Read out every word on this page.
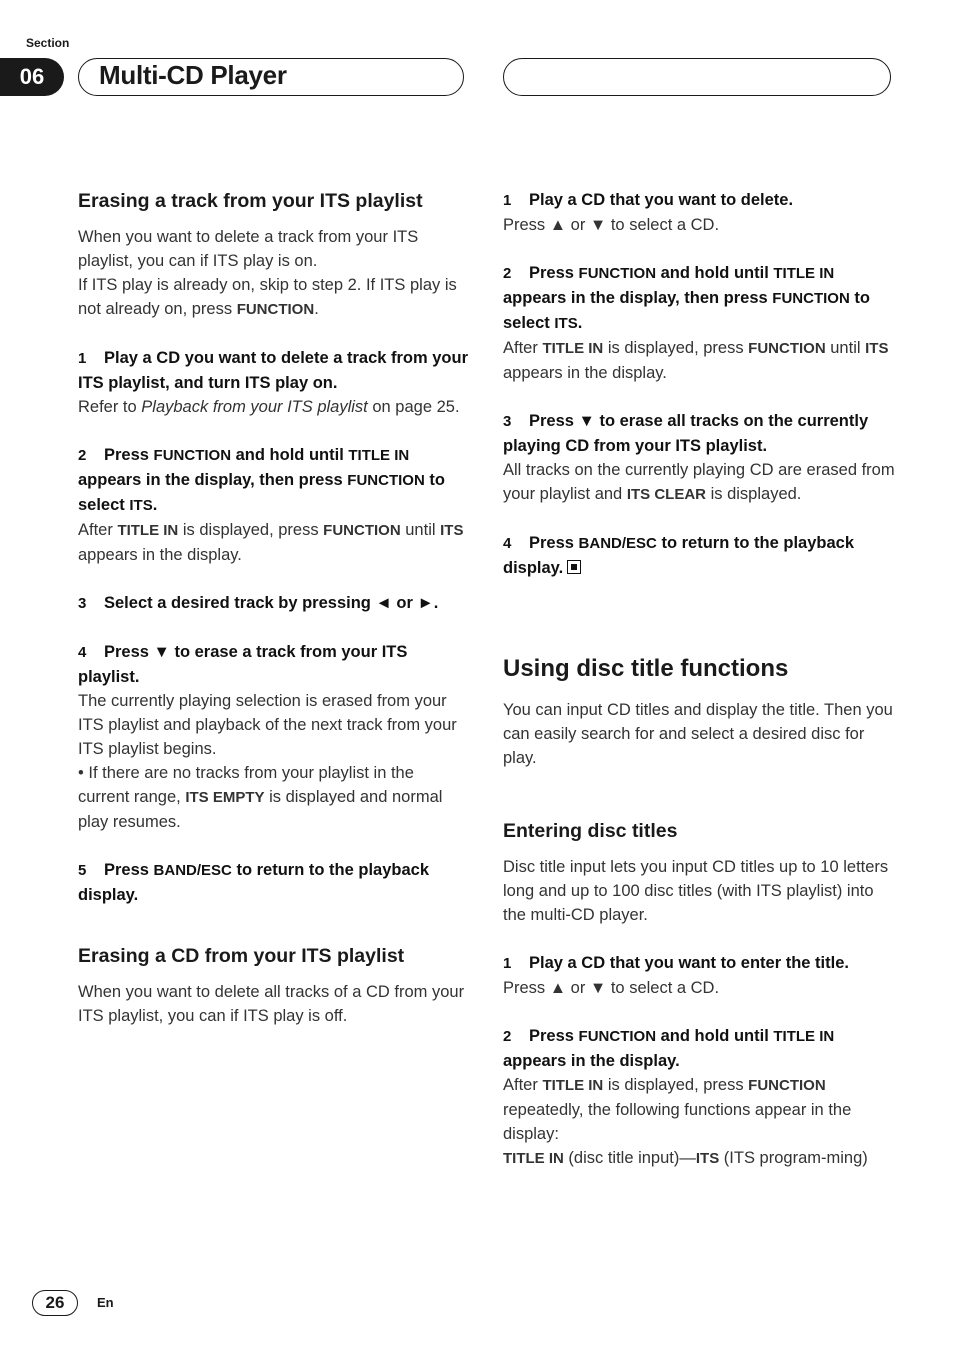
Section
06	Multi-CD Player

Erasing a track from your ITS playlist

When you want to delete a track from your ITS playlist, you can if ITS play is on.

If ITS play is already on, skip to step 2. If ITS play is not already on, press FUNCTION.

1 Play a CD you want to delete a track from your ITS playlist, and turn ITS play on.

Refer to Playback from your ITS playlist on page 25.

2 Press FUNCTION and hold until TITLE IN appears in the display, then press FUNCTION to select ITS.

After TITLE IN is displayed, press FUNCTION until ITS appears in the display.

3 Select a desired track by pressing ◄ or ►.

4 Press ▼ to erase a track from your ITS playlist.

The currently playing selection is erased from your ITS playlist and playback of the next track from your ITS playlist begins.

• If there are no tracks from your playlist in the current range, ITS EMPTY is displayed and normal play resumes.

5 Press BAND/ESC to return to the playback display.

Erasing a CD from your ITS playlist

When you want to delete all tracks of a CD from your ITS playlist, you can if ITS play is off.

1 Play a CD that you want to delete.

Press ▲ or ▼ to select a CD.

2 Press FUNCTION and hold until TITLE IN appears in the display, then press FUNCTION to select ITS.

After TITLE IN is displayed, press FUNCTION until ITS appears in the display.

3 Press ▼ to erase all tracks on the currently playing CD from your ITS playlist.

All tracks on the currently playing CD are erased from your playlist and ITS CLEAR is displayed.

4 Press BAND/ESC to return to the playback display.

Using disc title functions

You can input CD titles and display the title. Then you can easily search for and select a desired disc for play.

Entering disc titles

Disc title input lets you input CD titles up to 10 letters long and up to 100 disc titles (with ITS playlist) into the multi-CD player.

1 Play a CD that you want to enter the title.

Press ▲ or ▼ to select a CD.

2 Press FUNCTION and hold until TITLE IN appears in the display.

After TITLE IN is displayed, press FUNCTION repeatedly, the following functions appear in the display:

TITLE IN (disc title input)—ITS (ITS program-ming)

26	En
